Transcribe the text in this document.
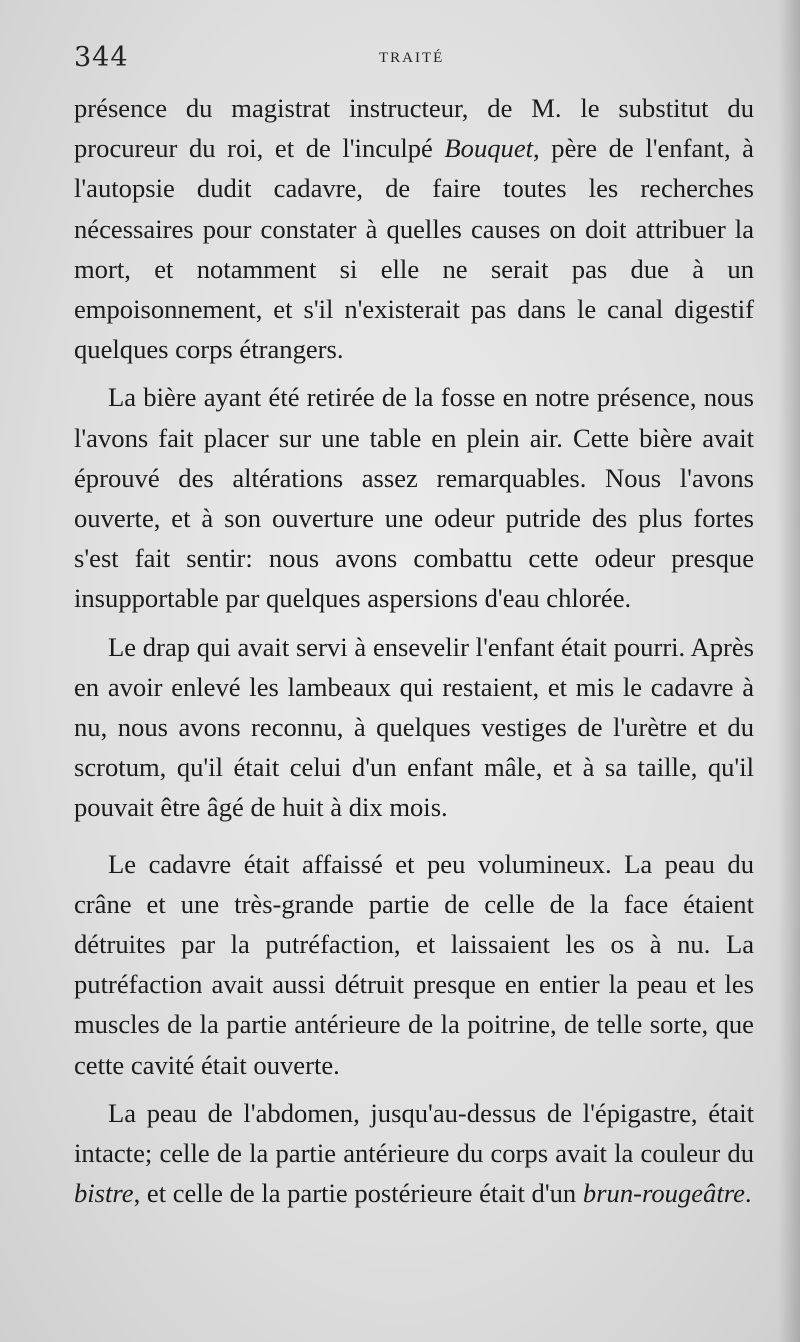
344	TRAITÉ

présence du magistrat instructeur, de M. le substitut du procureur du roi, et de l'inculpé Bouquet, père de l'enfant, à l'autopsie dudit cadavre, de faire toutes les recherches nécessaires pour constater à quelles causes on doit attribuer la mort, et notamment si elle ne serait pas due à un empoisonnement, et s'il n'existerait pas dans le canal digestif quelques corps étrangers.

La bière ayant été retirée de la fosse en notre présence, nous l'avons fait placer sur une table en plein air. Cette bière avait éprouvé des altérations assez remarquables. Nous l'avons ouverte, et à son ouverture une odeur putride des plus fortes s'est fait sentir: nous avons combattu cette odeur presque insupportable par quelques aspersions d'eau chlorée.

Le drap qui avait servi à ensevelir l'enfant était pourri. Après en avoir enlevé les lambeaux qui restaient, et mis le cadavre à nu, nous avons reconnu, à quelques vestiges de l'urètre et du scrotum, qu'il était celui d'un enfant mâle, et à sa taille, qu'il pouvait être âgé de huit à dix mois.

Le cadavre était affaissé et peu volumineux. La peau du crâne et une très-grande partie de celle de la face étaient détruites par la putréfaction, et laissaient les os à nu. La putréfaction avait aussi détruit presque en entier la peau et les muscles de la partie antérieure de la poitrine, de telle sorte, que cette cavité était ouverte.

La peau de l'abdomen, jusqu'au-dessus de l'épigastre, était intacte; celle de la partie antérieure du corps avait la couleur du bistre, et celle de la partie postérieure était d'un brun-rougeâtre.
